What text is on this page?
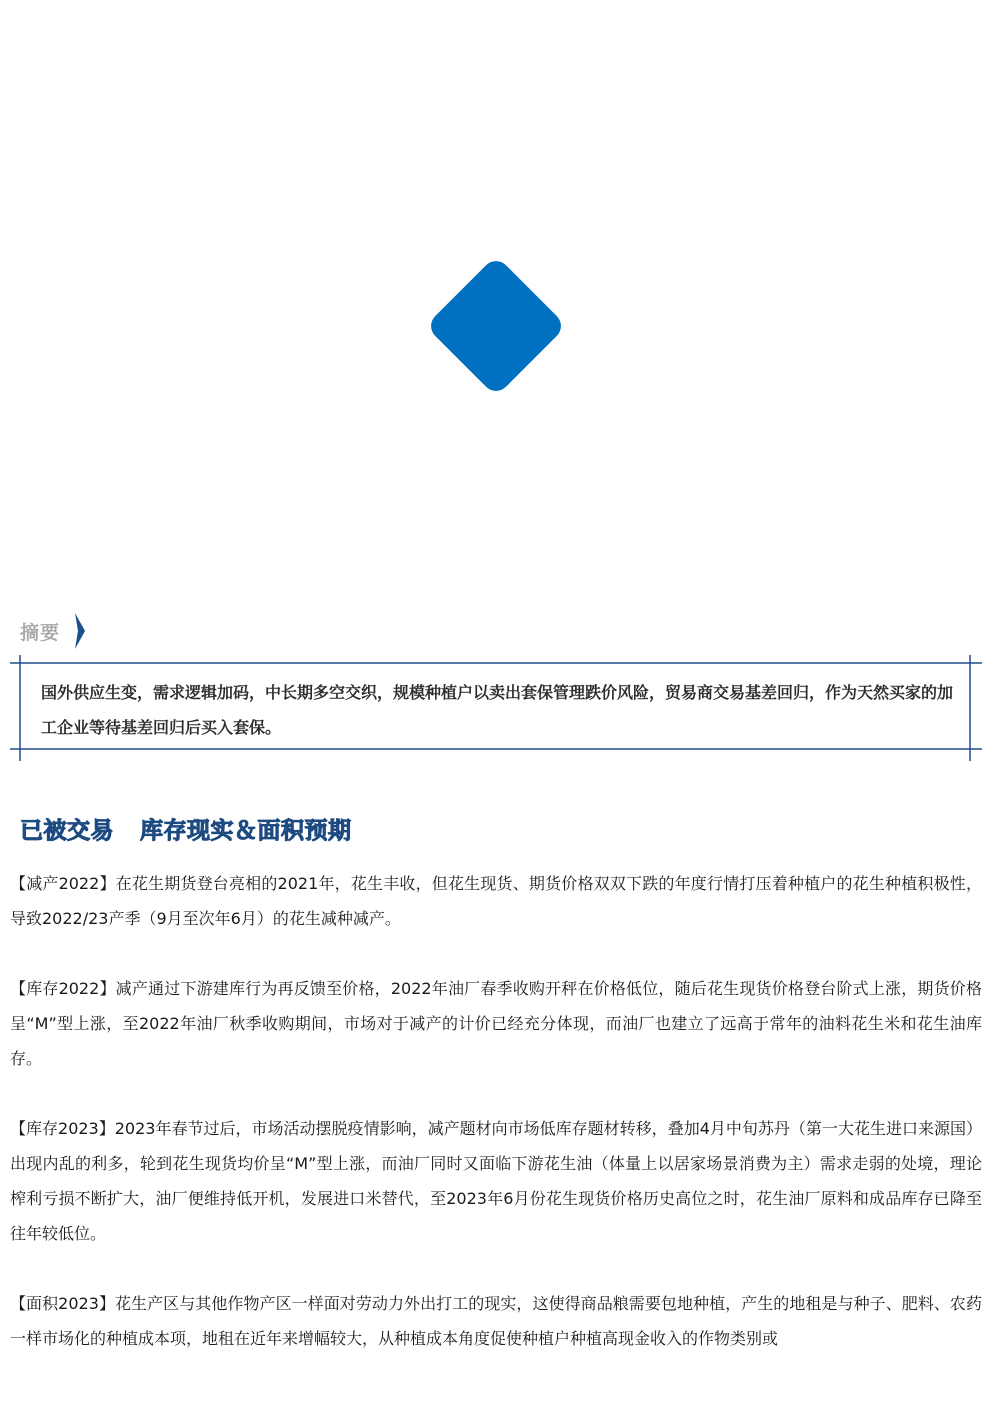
摘要

国外供应生变，需求逻辑加码，中长期多空交织，规模种植户以卖出套保管理跌价风险，贸易商交易基差回归，作为天然买家的加工企业等待基差回归后买入套保。

已被交易 库存现实＆面积预期

【减产2022】在花生期货登台亮相的2021年，花生丰收，但花生现货、期货价格双双下跌的年度行情打压着种植户的花生种植积极性，导致2022/23产季（9月至次年6月）的花生减种减产。

【库存2022】减产通过下游建库行为再反馈至价格，2022年油厂春季收购开秤在价格低位，随后花生现货价格登台阶式上涨，期货价格呈“M”型上涨，至2022年油厂秋季收购期间，市场对于减产的计价已经充分体现，而油厂也建立了远高于常年的油料花生米和花生油库存。

【库存2023】2023年春节过后，市场活动摆脱疫情影响，减产题材向市场低库存题材转移，叠加4月中旬苏丹（第一大花生进口来源国）出现内乱的利多，轮到花生现货均价呈“M”型上涨，而油厂同时又面临下游花生油（体量上以居家场景消费为主）需求走弱的处境，理论榨利亏损不断扩大，油厂便维持低开机，发展进口米替代，至2023年6月份花生现货价格历史高位之时，花生油厂原料和成品库存已降至往年较低位。

【面积2023】花生产区与其他作物产区一样面对劳动力外出打工的现实，这使得商品粮需要包地种植，产生的地租是与种子、肥料、农药一样市场化的种植成本项，地租在近年来增幅较大，从种植成本角度促使种植户种植高现金收入的作物类别或
